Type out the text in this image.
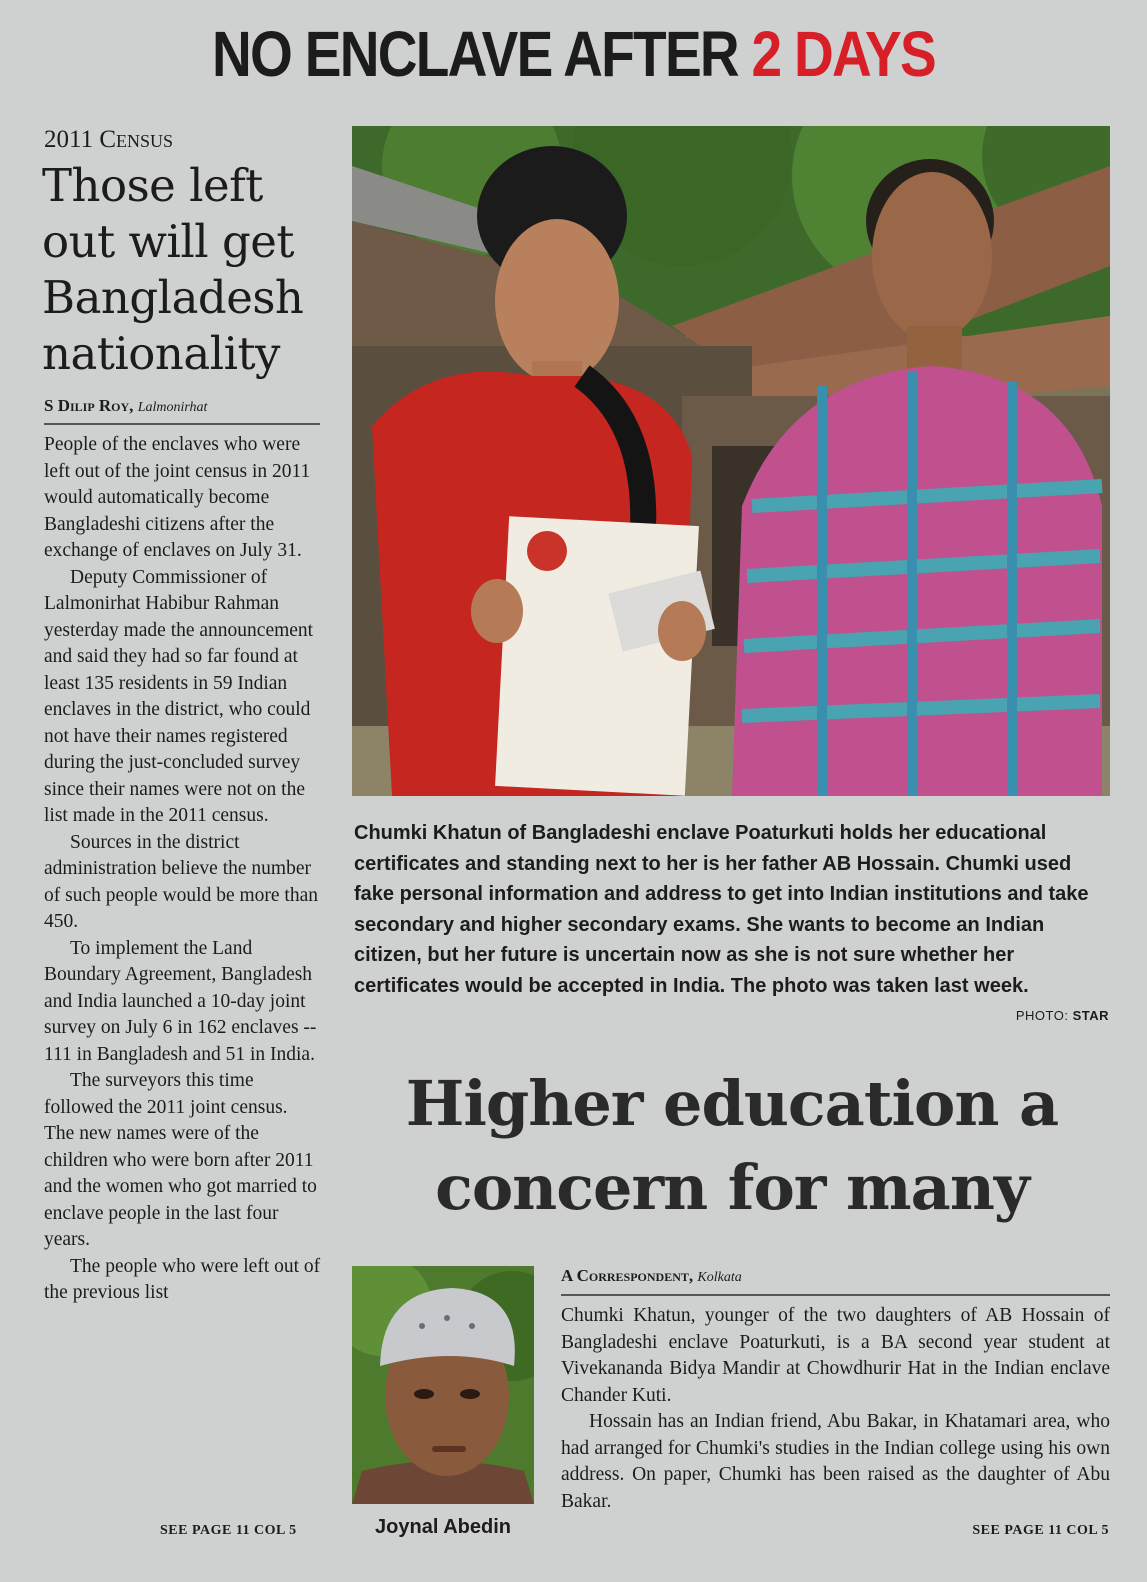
NO ENCLAVE AFTER 2 DAYS
2011 Census
Those left out will get Bangladesh nationality
S Dilip Roy, Lalmonirhat

People of the enclaves who were left out of the joint census in 2011 would automatically become Bangladeshi citizens after the exchange of enclaves on July 31.

Deputy Commissioner of Lalmonirhat Habibur Rahman yesterday made the announcement and said they had so far found at least 135 residents in 59 Indian enclaves in the district, who could not have their names registered during the just-concluded survey since their names were not on the list made in the 2011 census.

Sources in the district administration believe the number of such people would be more than 450.

To implement the Land Boundary Agreement, Bangladesh and India launched a 10-day joint survey on July 6 in 162 enclaves -- 111 in Bangladesh and 51 in India.

The surveyors this time followed the 2011 joint census. The new names were of the children who were born after 2011 and the women who got married to enclave people in the last four years.

The people who were left out of the previous list

SEE PAGE 11 COL 5
Chumki Khatun of Bangladeshi enclave Poaturkuti holds her educational certificates and standing next to her is her father AB Hossain. Chumki used fake personal information and address to get into Indian institutions and take secondary and higher secondary exams. She wants to become an Indian citizen, but her future is uncertain now as she is not sure whether her certificates would be accepted in India. The photo was taken last week.
PHOTO: STAR
Higher education a concern for many
Joynal Abedin
A Correspondent, Kolkata

Chumki Khatun, younger of the two daughters of AB Hossain of Bangladeshi enclave Poaturkuti, is a BA second year student at Vivekananda Bidya Mandir at Chowdhurir Hat in the Indian enclave Chander Kuti.

Hossain has an Indian friend, Abu Bakar, in Khatamari area, who had arranged for Chumki's studies in the Indian college using his own address. On paper, Chumki has been raised as the daughter of Abu Bakar.

SEE PAGE 11 COL 5
